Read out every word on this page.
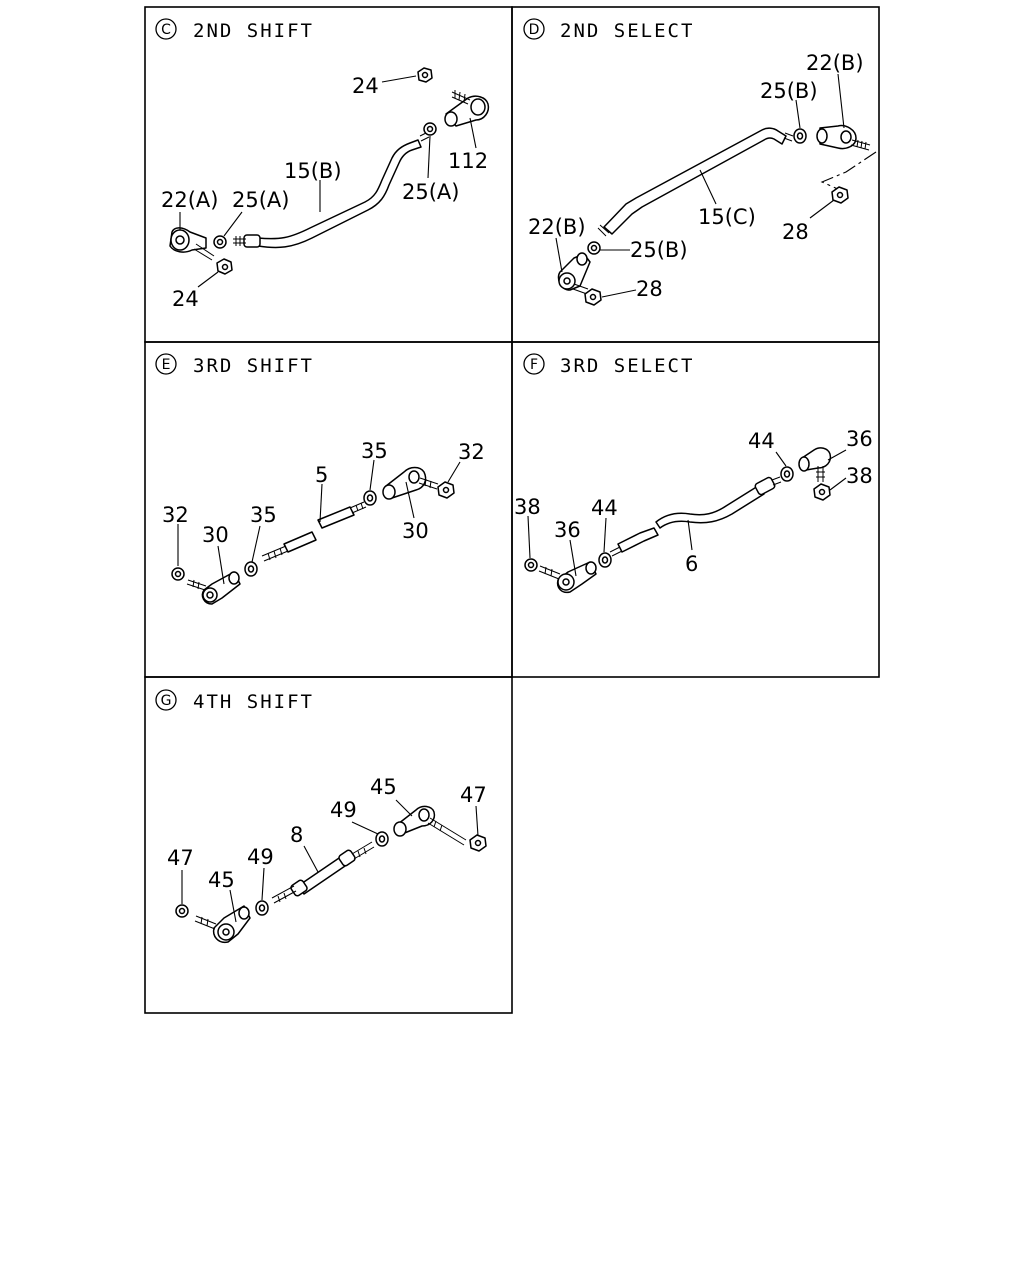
C 2ND SHIFT
24
112
15(B)
25(A)
22(A) 25(A)
24
D 2ND SELECT
22(B)
25(B)
15(C)
28
22(B)
25(B)
28
E 3RD SHIFT
35	32
5
32
30
35
30
F 3RD SELECT
44	36
38
38 44
36
6
G 4TH SHIFT
45	47
49
8
47	49
45
